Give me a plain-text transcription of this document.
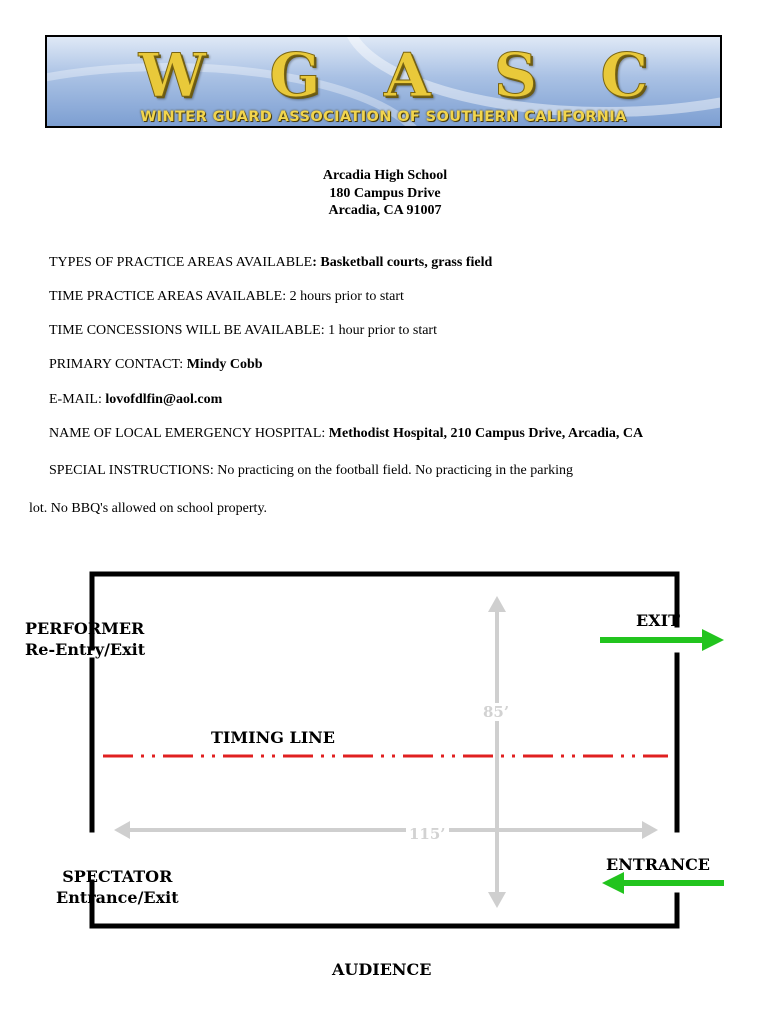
W G A S C
WINTER GUARD ASSOCIATION OF SOUTHERN CALIFORNIA
Arcadia High School
180 Campus Drive
Arcadia, CA 91007
TYPES OF PRACTICE AREAS AVAILABLE: Basketball courts, grass field
TIME PRACTICE AREAS AVAILABLE: 2 hours prior to start
TIME CONCESSIONS WILL BE AVAILABLE: 1 hour prior to start
PRIMARY CONTACT: Mindy Cobb
E-MAIL: lovofdlfin@aol.com
NAME OF LOCAL EMERGENCY HOSPITAL: Methodist Hospital, 210 Campus Drive, Arcadia, CA
SPECIAL INSTRUCTIONS: No practicing on the football field. No practicing in the parking
lot. No BBQ's allowed on school property.
PERFORMER
Re-Entry/Exit
EXIT
85’
TIMING LINE
115’
ENTRANCE
SPECTATOR
Entrance/Exit
AUDIENCE
